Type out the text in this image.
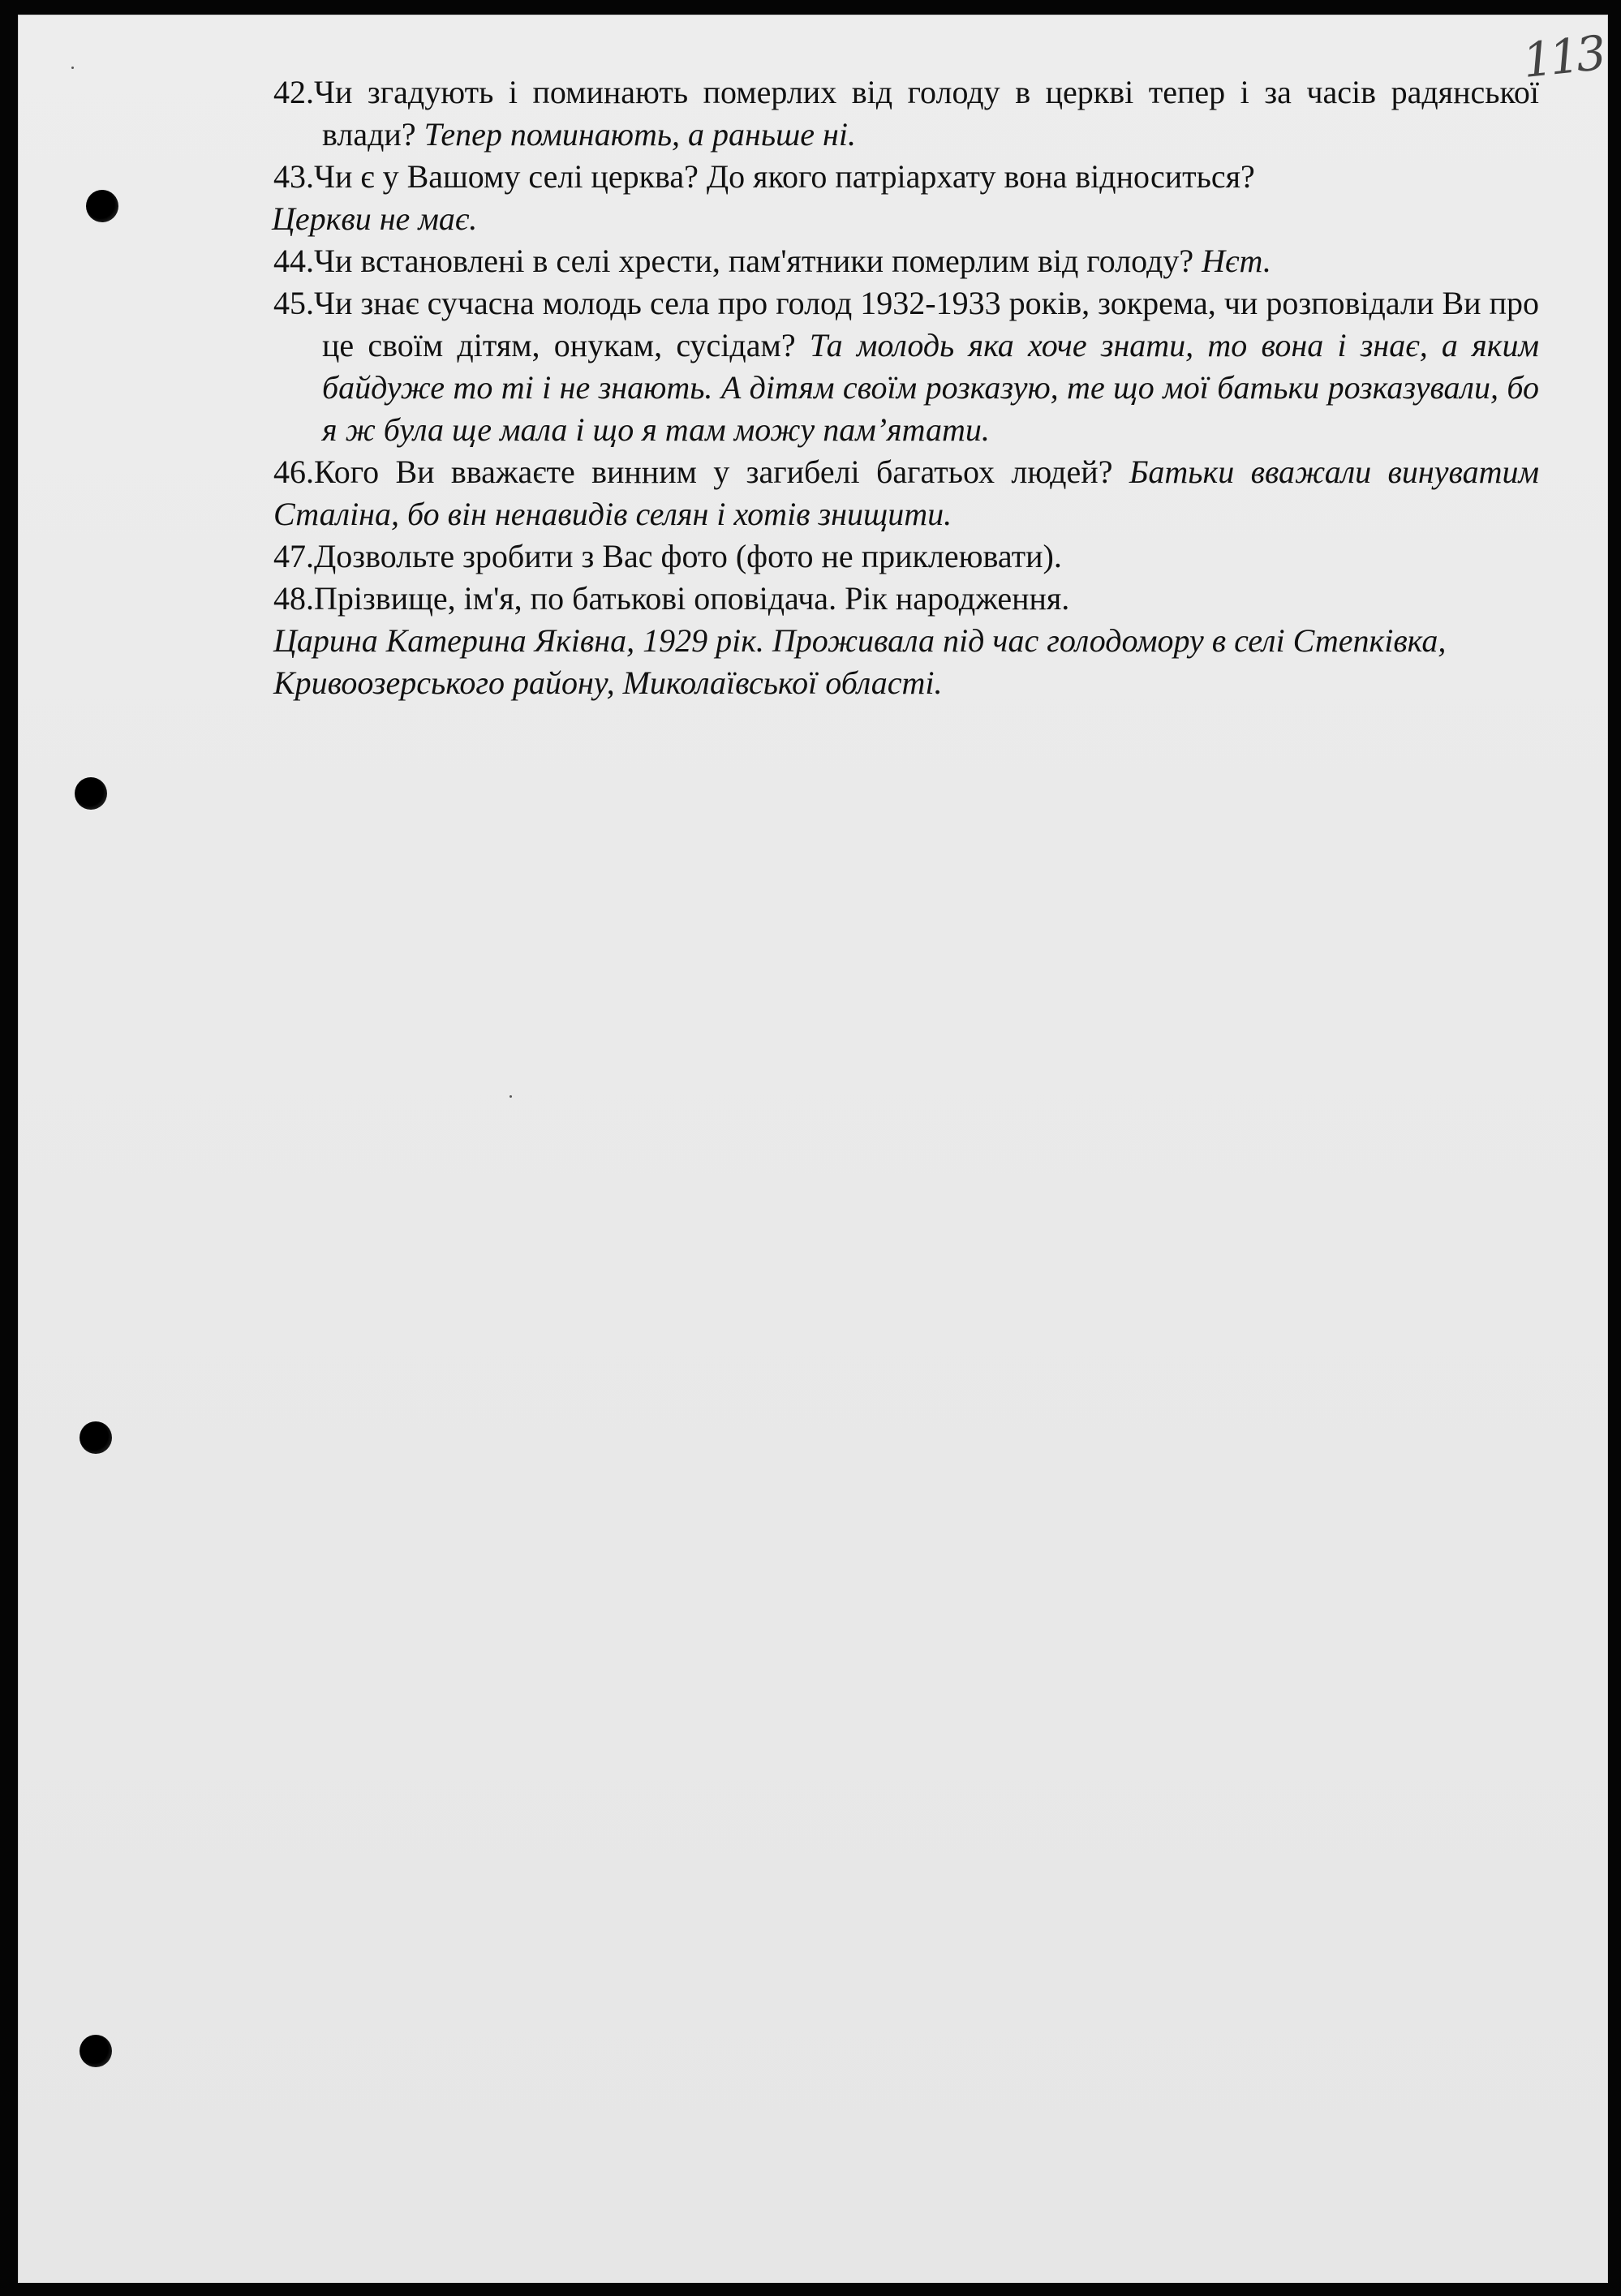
113

42.Чи згадують і поминають померлих від голоду в церкві тепер і за часів радянської влади? Тепер поминають, а раньше ні.

43.Чи є у Вашому селі церква? До якого патріархату вона відноситься?

Церкви не має.

44.Чи встановлені в селі хрести, пам'ятники померлим від голоду? Нєт.

45.Чи знає сучасна молодь села про голод 1932-1933 років, зокрема, чи розповідали Ви про це своїм дітям, онукам, сусідам? Та молодь яка хоче знати, то вона і знає, а яким байдуже то ті і не знають. А дітям своїм розказую, те що мої батьки розказували, бо я ж була ще мала і що я там можу пам’ятати.

46.Кого Ви вважаєте винним у загибелі багатьох людей? Батьки вважали винуватим Сталіна, бо він ненавидів селян і хотів знищити.

47.Дозвольте зробити з Вас фото (фото не приклеювати).

48.Прізвище, ім'я, по батькові оповідача. Рік народження.

Царина Катерина Яківна, 1929 рік. Проживала під час голодомору в селі Степківка, Кривоозерського району, Миколаївської області.
